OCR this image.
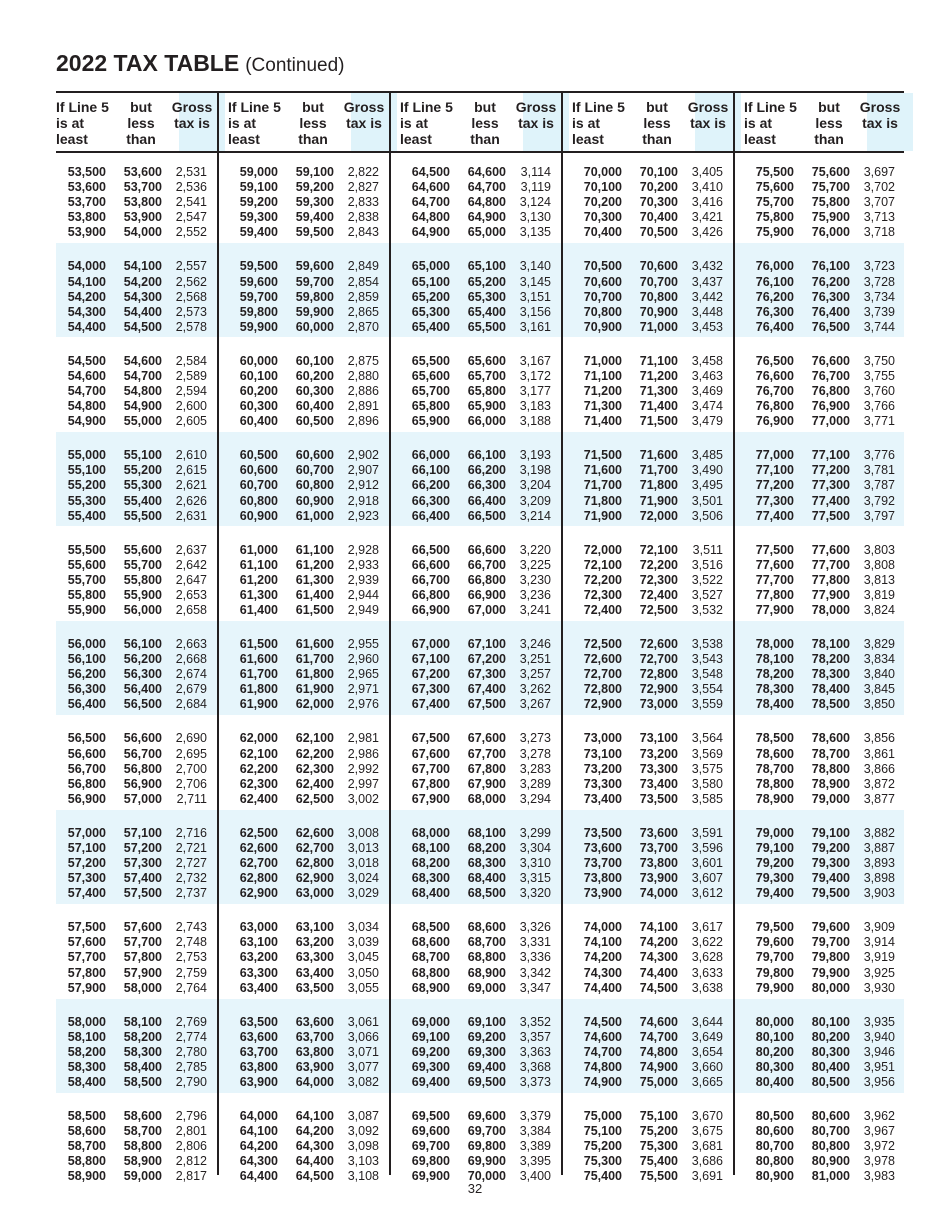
2022 TAX TABLE (Continued)
If Line 5
is at
least
but
less
than
Gross
tax is
If Line 5
is at
least
but
less
than
Gross
tax is
If Line 5
is at
least
but
less
than
Gross
tax is
If Line 5
is at
least
but
less
than
Gross
tax is
If Line 5
is at
least
but
less
than
Gross
tax is
53,500	53,600	2,531
53,600	53,700	2,536
53,700	53,800	2,541
53,800	53,900	2,547
53,900	54,000	2,552
54,000	54,100	2,557
54,100	54,200	2,562
54,200	54,300	2,568
54,300	54,400	2,573
54,400	54,500	2,578
54,500	54,600	2,584
54,600	54,700	2,589
54,700	54,800	2,594
54,800	54,900	2,600
54,900	55,000	2,605
55,000	55,100	2,610
55,100	55,200	2,615
55,200	55,300	2,621
55,300	55,400	2,626
55,400	55,500	2,631
55,500	55,600	2,637
55,600	55,700	2,642
55,700	55,800	2,647
55,800	55,900	2,653
55,900	56,000	2,658
56,000	56,100	2,663
56,100	56,200	2,668
56,200	56,300	2,674
56,300	56,400	2,679
56,400	56,500	2,684
56,500	56,600	2,690
56,600	56,700	2,695
56,700	56,800	2,700
56,800	56,900	2,706
56,900	57,000	2,711
57,000	57,100	2,716
57,100	57,200	2,721
57,200	57,300	2,727
57,300	57,400	2,732
57,400	57,500	2,737
57,500	57,600	2,743
57,600	57,700	2,748
57,700	57,800	2,753
57,800	57,900	2,759
57,900	58,000	2,764
58,000	58,100	2,769
58,100	58,200	2,774
58,200	58,300	2,780
58,300	58,400	2,785
58,400	58,500	2,790
58,500	58,600	2,796
58,600	58,700	2,801
58,700	58,800	2,806
58,800	58,900	2,812
58,900	59,000	2,817
59,000	59,100	2,822
59,100	59,200	2,827
59,200	59,300	2,833
59,300	59,400	2,838
59,400	59,500	2,843
59,500	59,600	2,849
59,600	59,700	2,854
59,700	59,800	2,859
59,800	59,900	2,865
59,900	60,000	2,870
60,000	60,100	2,875
60,100	60,200	2,880
60,200	60,300	2,886
60,300	60,400	2,891
60,400	60,500	2,896
60,500	60,600	2,902
60,600	60,700	2,907
60,700	60,800	2,912
60,800	60,900	2,918
60,900	61,000	2,923
61,000	61,100	2,928
61,100	61,200	2,933
61,200	61,300	2,939
61,300	61,400	2,944
61,400	61,500	2,949
61,500	61,600	2,955
61,600	61,700	2,960
61,700	61,800	2,965
61,800	61,900	2,971
61,900	62,000	2,976
62,000	62,100	2,981
62,100	62,200	2,986
62,200	62,300	2,992
62,300	62,400	2,997
62,400	62,500	3,002
62,500	62,600	3,008
62,600	62,700	3,013
62,700	62,800	3,018
62,800	62,900	3,024
62,900	63,000	3,029
63,000	63,100	3,034
63,100	63,200	3,039
63,200	63,300	3,045
63,300	63,400	3,050
63,400	63,500	3,055
63,500	63,600	3,061
63,600	63,700	3,066
63,700	63,800	3,071
63,800	63,900	3,077
63,900	64,000	3,082
64,000	64,100	3,087
64,100	64,200	3,092
64,200	64,300	3,098
64,300	64,400	3,103
64,400	64,500	3,108
64,500	64,600	3,114
64,600	64,700	3,119
64,700	64,800	3,124
64,800	64,900	3,130
64,900	65,000	3,135
65,000	65,100	3,140
65,100	65,200	3,145
65,200	65,300	3,151
65,300	65,400	3,156
65,400	65,500	3,161
65,500	65,600	3,167
65,600	65,700	3,172
65,700	65,800	3,177
65,800	65,900	3,183
65,900	66,000	3,188
66,000	66,100	3,193
66,100	66,200	3,198
66,200	66,300	3,204
66,300	66,400	3,209
66,400	66,500	3,214
66,500	66,600	3,220
66,600	66,700	3,225
66,700	66,800	3,230
66,800	66,900	3,236
66,900	67,000	3,241
67,000	67,100	3,246
67,100	67,200	3,251
67,200	67,300	3,257
67,300	67,400	3,262
67,400	67,500	3,267
67,500	67,600	3,273
67,600	67,700	3,278
67,700	67,800	3,283
67,800	67,900	3,289
67,900	68,000	3,294
68,000	68,100	3,299
68,100	68,200	3,304
68,200	68,300	3,310
68,300	68,400	3,315
68,400	68,500	3,320
68,500	68,600	3,326
68,600	68,700	3,331
68,700	68,800	3,336
68,800	68,900	3,342
68,900	69,000	3,347
69,000	69,100	3,352
69,100	69,200	3,357
69,200	69,300	3,363
69,300	69,400	3,368
69,400	69,500	3,373
69,500	69,600	3,379
69,600	69,700	3,384
69,700	69,800	3,389
69,800	69,900	3,395
69,900	70,000	3,400
70,000	70,100	3,405
70,100	70,200	3,410
70,200	70,300	3,416
70,300	70,400	3,421
70,400	70,500	3,426
70,500	70,600	3,432
70,600	70,700	3,437
70,700	70,800	3,442
70,800	70,900	3,448
70,900	71,000	3,453
71,000	71,100	3,458
71,100	71,200	3,463
71,200	71,300	3,469
71,300	71,400	3,474
71,400	71,500	3,479
71,500	71,600	3,485
71,600	71,700	3,490
71,700	71,800	3,495
71,800	71,900	3,501
71,900	72,000	3,506
72,000	72,100	3,511
72,100	72,200	3,516
72,200	72,300	3,522
72,300	72,400	3,527
72,400	72,500	3,532
72,500	72,600	3,538
72,600	72,700	3,543
72,700	72,800	3,548
72,800	72,900	3,554
72,900	73,000	3,559
73,000	73,100	3,564
73,100	73,200	3,569
73,200	73,300	3,575
73,300	73,400	3,580
73,400	73,500	3,585
73,500	73,600	3,591
73,600	73,700	3,596
73,700	73,800	3,601
73,800	73,900	3,607
73,900	74,000	3,612
74,000	74,100	3,617
74,100	74,200	3,622
74,200	74,300	3,628
74,300	74,400	3,633
74,400	74,500	3,638
74,500	74,600	3,644
74,600	74,700	3,649
74,700	74,800	3,654
74,800	74,900	3,660
74,900	75,000	3,665
75,000	75,100	3,670
75,100	75,200	3,675
75,200	75,300	3,681
75,300	75,400	3,686
75,400	75,500	3,691
75,500	75,600	3,697
75,600	75,700	3,702
75,700	75,800	3,707
75,800	75,900	3,713
75,900	76,000	3,718
76,000	76,100	3,723
76,100	76,200	3,728
76,200	76,300	3,734
76,300	76,400	3,739
76,400	76,500	3,744
76,500	76,600	3,750
76,600	76,700	3,755
76,700	76,800	3,760
76,800	76,900	3,766
76,900	77,000	3,771
77,000	77,100	3,776
77,100	77,200	3,781
77,200	77,300	3,787
77,300	77,400	3,792
77,400	77,500	3,797
77,500	77,600	3,803
77,600	77,700	3,808
77,700	77,800	3,813
77,800	77,900	3,819
77,900	78,000	3,824
78,000	78,100	3,829
78,100	78,200	3,834
78,200	78,300	3,840
78,300	78,400	3,845
78,400	78,500	3,850
78,500	78,600	3,856
78,600	78,700	3,861
78,700	78,800	3,866
78,800	78,900	3,872
78,900	79,000	3,877
79,000	79,100	3,882
79,100	79,200	3,887
79,200	79,300	3,893
79,300	79,400	3,898
79,400	79,500	3,903
79,500	79,600	3,909
79,600	79,700	3,914
79,700	79,800	3,919
79,800	79,900	3,925
79,900	80,000	3,930
80,000	80,100	3,935
80,100	80,200	3,940
80,200	80,300	3,946
80,300	80,400	3,951
80,400	80,500	3,956
80,500	80,600	3,962
80,600	80,700	3,967
80,700	80,800	3,972
80,800	80,900	3,978
80,900	81,000	3,983
32
